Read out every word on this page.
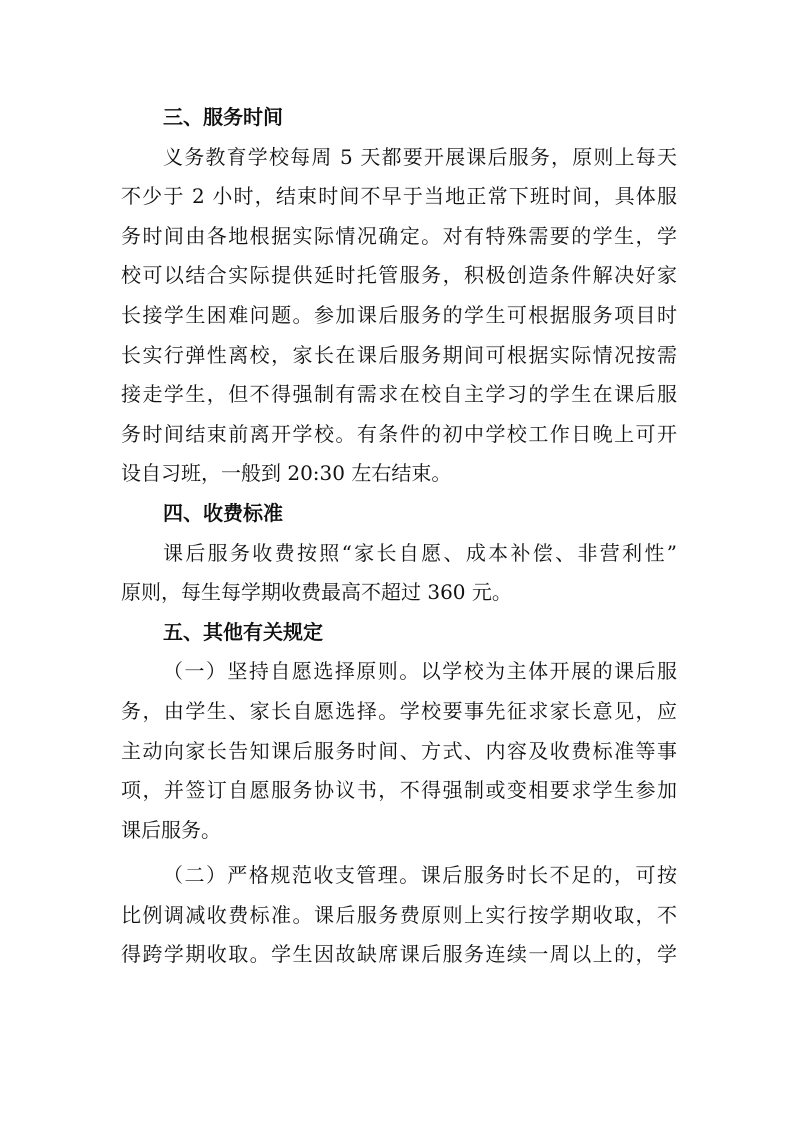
三、服务时间
义务教育学校每周 5 天都要开展课后服务，原则上每天
不少于 2 小时，结束时间不早于当地正常下班时间，具体服
务时间由各地根据实际情况确定。对有特殊需要的学生，学
校可以结合实际提供延时托管服务，积极创造条件解决好家
长接学生困难问题。参加课后服务的学生可根据服务项目时
长实行弹性离校，家长在课后服务期间可根据实际情况按需
接走学生，但不得强制有需求在校自主学习的学生在课后服
务时间结束前离开学校。有条件的初中学校工作日晚上可开
设自习班，一般到 20:30 左右结束。
四、收费标准
课后服务收费按照“家长自愿、成本补偿、非营利性”
原则，每生每学期收费最高不超过 360 元。
五、其他有关规定
（一）坚持自愿选择原则。以学校为主体开展的课后服
务，由学生、家长自愿选择。学校要事先征求家长意见，应
主动向家长告知课后服务时间、方式、内容及收费标准等事
项，并签订自愿服务协议书，不得强制或变相要求学生参加
课后服务。
（二）严格规范收支管理。课后服务时长不足的，可按
比例调减收费标准。课后服务费原则上实行按学期收取，不
得跨学期收取。学生因故缺席课后服务连续一周以上的，学
